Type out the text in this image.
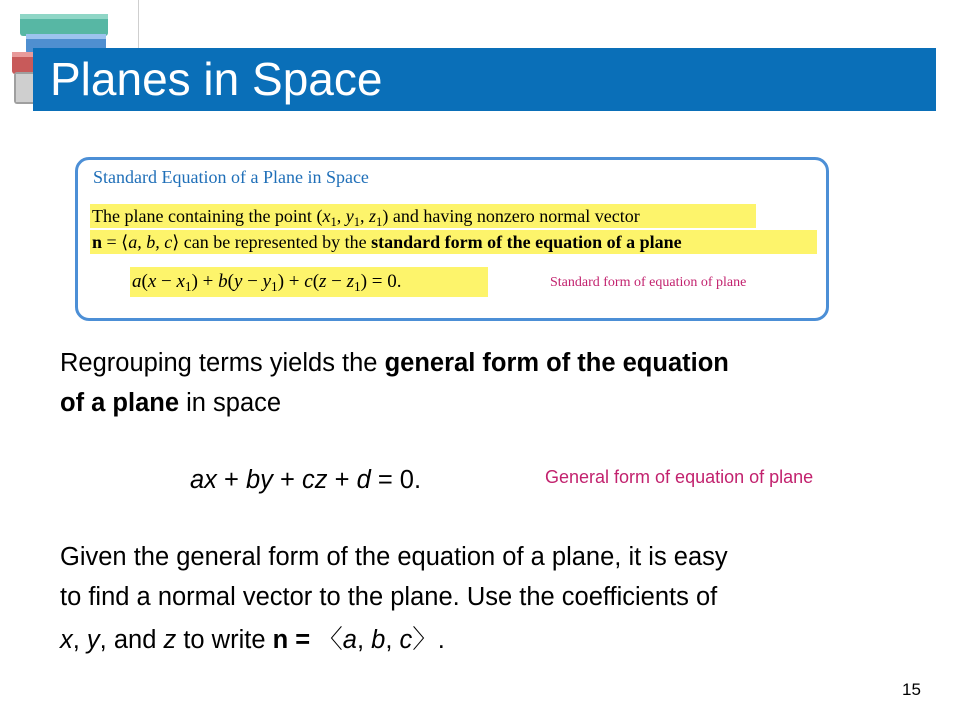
Planes in Space
Standard Equation of a Plane in Space
The plane containing the point ($x_1$, $y_1$, $z_1$) and having nonzero normal vector
n = ⟨a, b, c⟩ can be represented by the standard form of the equation of a plane
$a(x - x_1) + b(y - y_1) + c(z - z_1) = 0$.	Standard form of equation of plane
Regrouping terms yields the general form of the equation
of a plane in space
ax + by + cz + d = 0.	General form of equation of plane
Given the general form of the equation of a plane, it is easy
to find a normal vector to the plane. Use the coefficients of
x, y, and z to write n = 〈a, b, c〉.
15
